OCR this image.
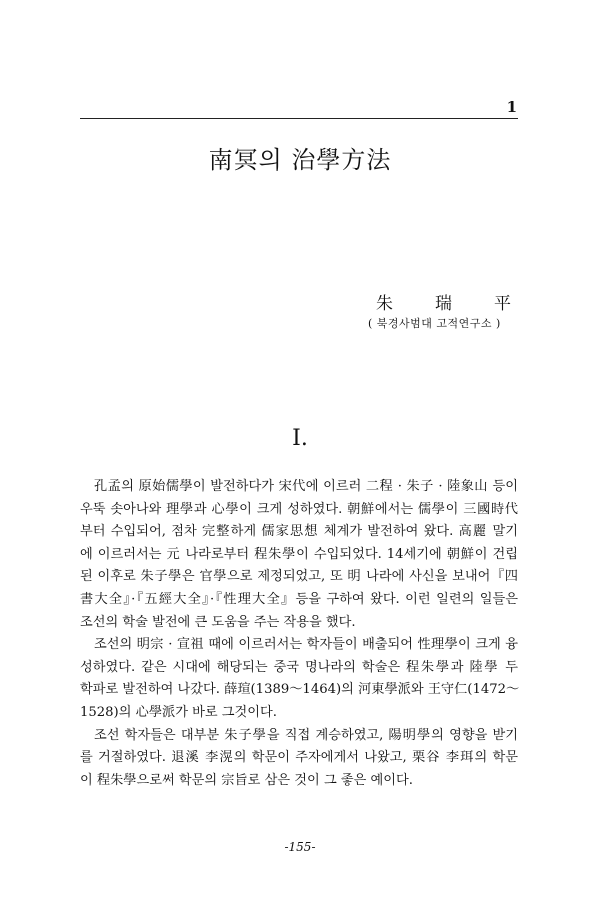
1
南冥의 治學方法
朱 瑞 平
( 북경사범대 고적연구소 )
Ⅰ.

孔孟의 原始儒學이 발전하다가 宋代에 이르러 二程 · 朱子 · 陸象山 등이
우뚝 솟아나와 理學과 心學이 크게 성하였다. 朝鮮에서는 儒學이 三國時代
부터 수입되어, 점차 完整하게 儒家思想 체계가 발전하여 왔다. 高麗 말기
에 이르러서는 元 나라로부터 程朱學이 수입되었다. 14세기에 朝鮮이 건립
된 이후로 朱子學은 官學으로 제정되었고, 또 明 나라에 사신을 보내어『四
書大全』·『五經大全』·『性理大全』등을 구하여 왔다. 이런 일련의 일들은
조선의 학술 발전에 큰 도움을 주는 작용을 했다.

조선의 明宗 · 宣祖 때에 이르러서는 학자들이 배출되어 性理學이 크게 융
성하였다. 같은 시대에 해당되는 중국 명나라의 학술은 程朱學과 陸學 두
학파로 발전하여 나갔다. 薛瑄(1389～1464)의 河東學派와 王守仁(1472～
1528)의 心學派가 바로 그것이다.

조선 학자들은 대부분 朱子學을 직접 계승하였고, 陽明學의 영향을 받기
를 거절하였다. 退溪 李滉의 학문이 주자에게서 나왔고, 栗谷 李珥의 학문
이 程朱學으로써 학문의 宗旨로 삼은 것이 그 좋은 예이다.

-155-
